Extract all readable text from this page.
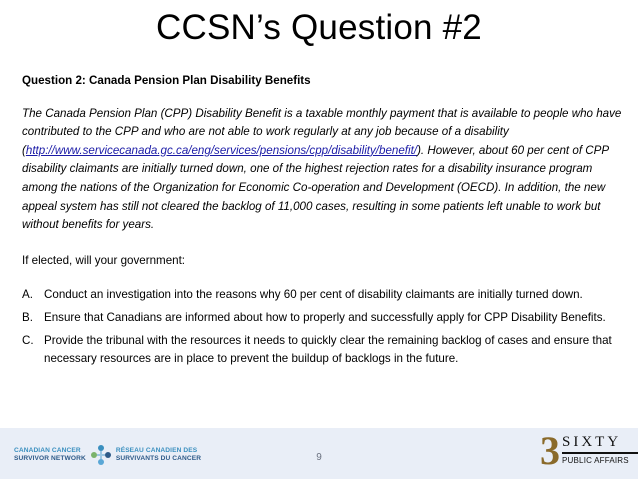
CCSN’s Question #2
Question 2: Canada Pension Plan Disability Benefits
The Canada Pension Plan (CPP) Disability Benefit is a taxable monthly payment that is available to people who have contributed to the CPP and who are not able to work regularly at any job because of a disability (http://www.servicecanada.gc.ca/eng/services/pensions/cpp/disability/benefit/). However, about 60 per cent of CPP disability claimants are initially turned down, one of the highest rejection rates for a disability insurance program among the nations of the Organization for Economic Co-operation and Development (OECD). In addition, the new appeal system has still not cleared the backlog of 11,000 cases, resulting in some patients left unable to work but without benefits for years.
If elected, will your government:
A. Conduct an investigation into the reasons why 60 per cent of disability claimants are initially turned down.
B. Ensure that Canadians are informed about how to properly and successfully apply for CPP Disability Benefits.
C. Provide the tribunal with the resources it needs to quickly clear the remaining backlog of cases and ensure that necessary resources are in place to prevent the buildup of backlogs in the future.
CANADIAN CANCER
SURVIVOR NETWORK
RÉSEAU CANADIEN DES
SURVIVANTS DU CANCER	9	3 SIXTY
PUBLIC AFFAIRS
